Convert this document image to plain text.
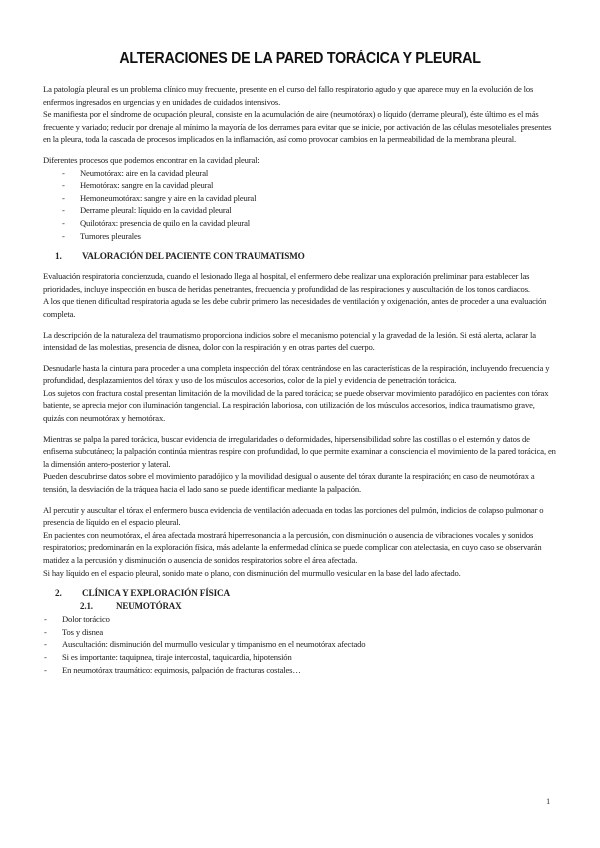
ALTERACIONES DE LA PARED TORÁCICA Y PLEURAL

La patología pleural es un problema clínico muy frecuente, presente en el curso del fallo respiratorio agudo y que aparece muy en la evolución de los enfermos ingresados en urgencias y en unidades de cuidados intensivos.

Se manifiesta por el síndrome de ocupación pleural, consiste en la acumulación de aire (neumotórax) o líquido (derrame pleural), éste último es el más frecuente y variado; reducir por drenaje al mínimo la mayoría de los derrames para evitar que se inicie, por activación de las células mesoteliales presentes en la pleura, toda la cascada de procesos implicados en la inflamación, así como provocar cambios en la permeabilidad de la membrana pleural.

Diferentes procesos que podemos encontrar en la cavidad pleural:

- Neumotórax: aire en la cavidad pleural
- Hemotórax: sangre en la cavidad pleural
- Hemoneumotórax: sangre y aire en la cavidad pleural
- Derrame pleural: líquido en la cavidad pleural
- Quilotórax: presencia de quilo en la cavidad pleural
- Tumores pleurales
1.	VALORACIÓN DEL PACIENTE CON TRAUMATISMO

Evaluación respiratoria concienzuda, cuando el lesionado llega al hospital, el enfermero debe realizar una exploración preliminar para establecer las prioridades, incluye inspección en busca de heridas penetrantes, frecuencia y profundidad de las respiraciones y auscultación de los tonos cardiacos.

A los que tienen dificultad respiratoria aguda se les debe cubrir primero las necesidades de ventilación y oxigenación, antes de proceder a una evaluación completa.

La descripción de la naturaleza del traumatismo proporciona indicios sobre el mecanismo potencial y la gravedad de la lesión. Si está alerta, aclarar la intensidad de las molestias, presencia de disnea, dolor con la respiración y en otras partes del cuerpo.

Desnudarle hasta la cintura para proceder a una completa inspección del tórax centrándose en las características de la respiración, incluyendo frecuencia y profundidad, desplazamientos del tórax y uso de los músculos accesorios, color de la piel y evidencia de penetración torácica.

Los sujetos con fractura costal presentan limitación de la movilidad de la pared torácica; se puede observar movimiento paradójico en pacientes con tórax batiente, se aprecia mejor con iluminación tangencial. La respiración laboriosa, con utilización de los músculos accesorios, indica traumatismo grave, quizás con neumotórax y hemotórax.

Mientras se palpa la pared torácica, buscar evidencia de irregularidades o deformidades, hipersensibilidad sobre las costillas o el esternón y datos de enfisema subcutáneo; la palpación continúa mientras respire con profundidad, lo que permite examinar a consciencia el movimiento de la pared torácica, en la dimensión antero-posterior y lateral.

Pueden descubrirse datos sobre el movimiento paradójico y la movilidad desigual o ausente del tórax durante la respiración; en caso de neumotórax a tensión, la desviación de la tráquea hacia el lado sano se puede identificar mediante la palpación.

Al percutir y auscultar el tórax el enfermero busca evidencia de ventilación adecuada en todas las porciones del pulmón, indicios de colapso pulmonar o presencia de líquido en el espacio pleural.

En pacientes con neumotórax, el área afectada mostrará hiperresonancia a la percusión, con disminución o ausencia de vibraciones vocales y sonidos respiratorios; predominarán en la exploración física, más adelante la enfermedad clínica se puede complicar con atelectasia, en cuyo caso se observarán matidez a la percusión y disminución o ausencia de sonidos respiratorios sobre el área afectada.

Si hay líquido en el espacio pleural, sonido mate o plano, con disminución del murmullo vesicular en la base del lado afectado.

2.	CLÍNICA Y EXPLORACIÓN FÍSICA
2.1.	NEUMOTÓRAX
- Dolor torácico
- Tos y disnea
- Auscultación: disminución del murmullo vesicular y timpanismo en el neumotórax afectado
- Si es importante: taquipnea, tiraje intercostal, taquicardia, hipotensión
- En neumotórax traumático: equimosis, palpación de fracturas costales…
1
